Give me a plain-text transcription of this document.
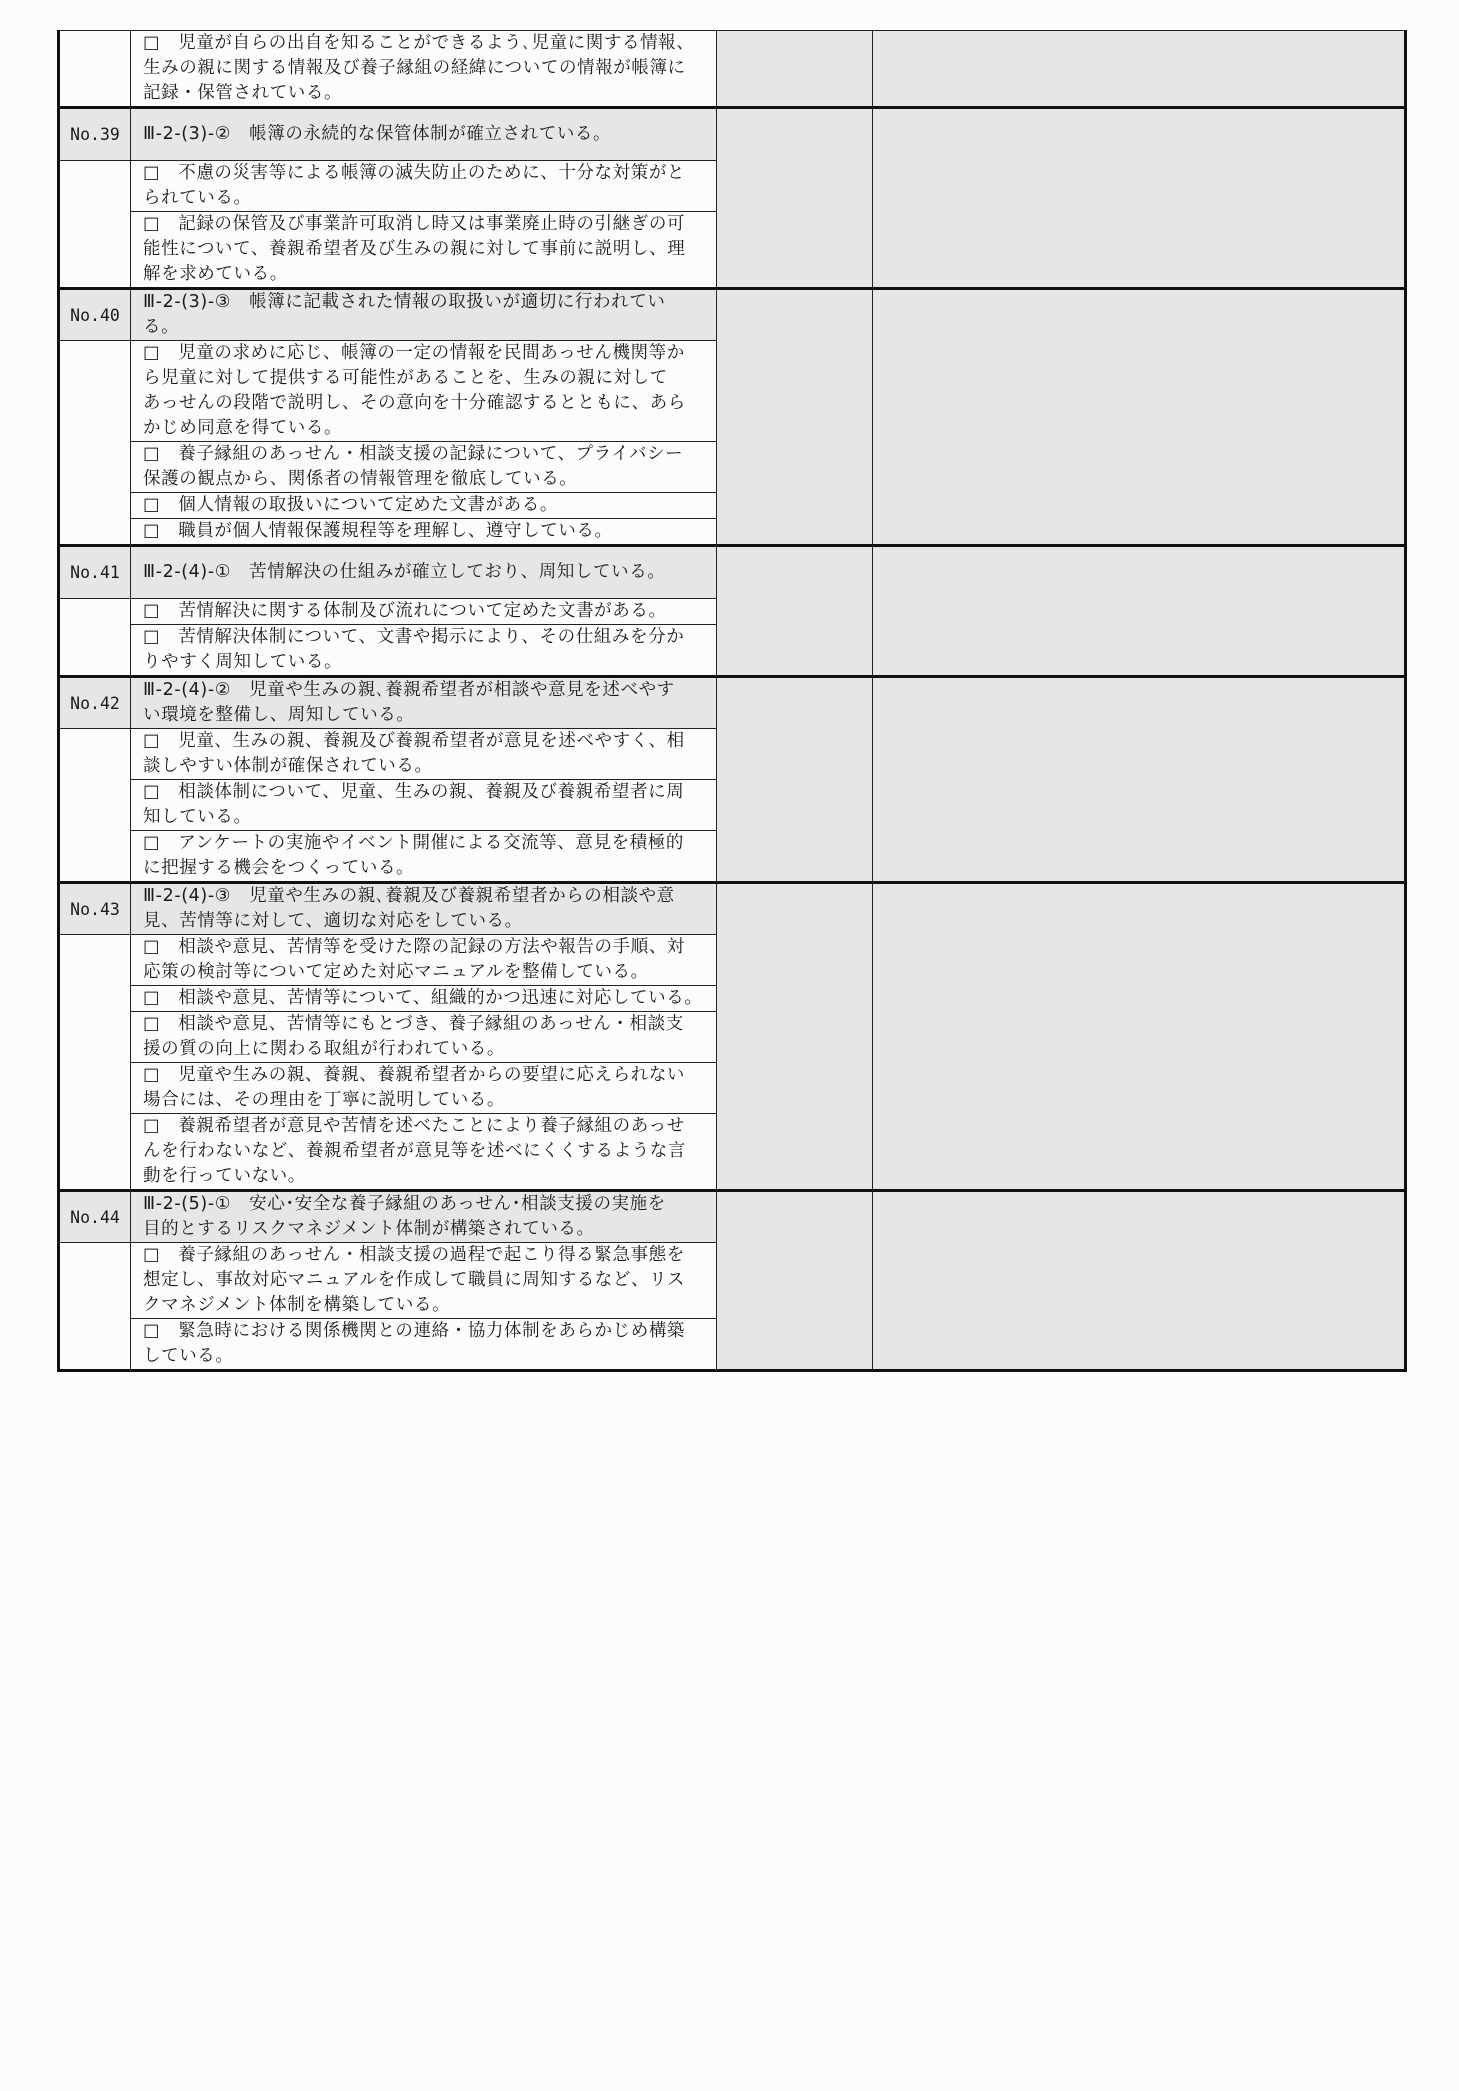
	□　児童が自らの出自を知ることができるよう､児童に関する情報、
生みの親に関する情報及び養子縁組の経緯についての情報が帳簿に
記録・保管されている。		

No.39	Ⅲ-2-(3)-②　帳簿の永続的な保管体制が確立されている。		

	□　不慮の災害等による帳簿の滅失防止のために、十分な対策がと
られている。		

	□　記録の保管及び事業許可取消し時又は事業廃止時の引継ぎの可
能性について、養親希望者及び生みの親に対して事前に説明し、理
解を求めている。		

No.40	Ⅲ-2-(3)-③　帳簿に記載された情報の取扱いが適切に行われてい
る。		

	□　児童の求めに応じ、帳簿の一定の情報を民間あっせん機関等か
ら児童に対して提供する可能性があることを、生みの親に対して
あっせんの段階で説明し、その意向を十分確認するとともに、あら
かじめ同意を得ている。		

	□　養子縁組のあっせん・相談支援の記録について、プライバシー
保護の観点から、関係者の情報管理を徹底している。		

	□　個人情報の取扱いについて定めた文書がある。		

	□　職員が個人情報保護規程等を理解し、遵守している。		

No.41	Ⅲ-2-(4)-①　苦情解決の仕組みが確立しており、周知している。		

	□　苦情解決に関する体制及び流れについて定めた文書がある。		

	□　苦情解決体制について、文書や掲示により、その仕組みを分か
りやすく周知している。		

No.42	Ⅲ-2-(4)-②　児童や生みの親､養親希望者が相談や意見を述べやす
い環境を整備し、周知している。		

	□　児童、生みの親、養親及び養親希望者が意見を述べやすく、相
談しやすい体制が確保されている。		

	□　相談体制について、児童、生みの親、養親及び養親希望者に周
知している。		

	□　アンケートの実施やイベント開催による交流等、意見を積極的
に把握する機会をつくっている。		

No.43	Ⅲ-2-(4)-③　児童や生みの親､養親及び養親希望者からの相談や意
見、苦情等に対して、適切な対応をしている。		

	□　相談や意見、苦情等を受けた際の記録の方法や報告の手順、対
応策の検討等について定めた対応マニュアルを整備している。		

	□　相談や意見、苦情等について、組織的かつ迅速に対応している。		

	□　相談や意見、苦情等にもとづき、養子縁組のあっせん・相談支
援の質の向上に関わる取組が行われている。		

	□　児童や生みの親、養親、養親希望者からの要望に応えられない
場合には、その理由を丁寧に説明している。		

	□　養親希望者が意見や苦情を述べたことにより養子縁組のあっせ
んを行わないなど、養親希望者が意見等を述べにくくするような言
動を行っていない。		

No.44	Ⅲ-2-(5)-①　安心･安全な養子縁組のあっせん･相談支援の実施を
目的とするリスクマネジメント体制が構築されている。		

	□　養子縁組のあっせん・相談支援の過程で起こり得る緊急事態を
想定し、事故対応マニュアルを作成して職員に周知するなど、リス
クマネジメント体制を構築している。		

	□　緊急時における関係機関との連絡・協力体制をあらかじめ構築
している。		
